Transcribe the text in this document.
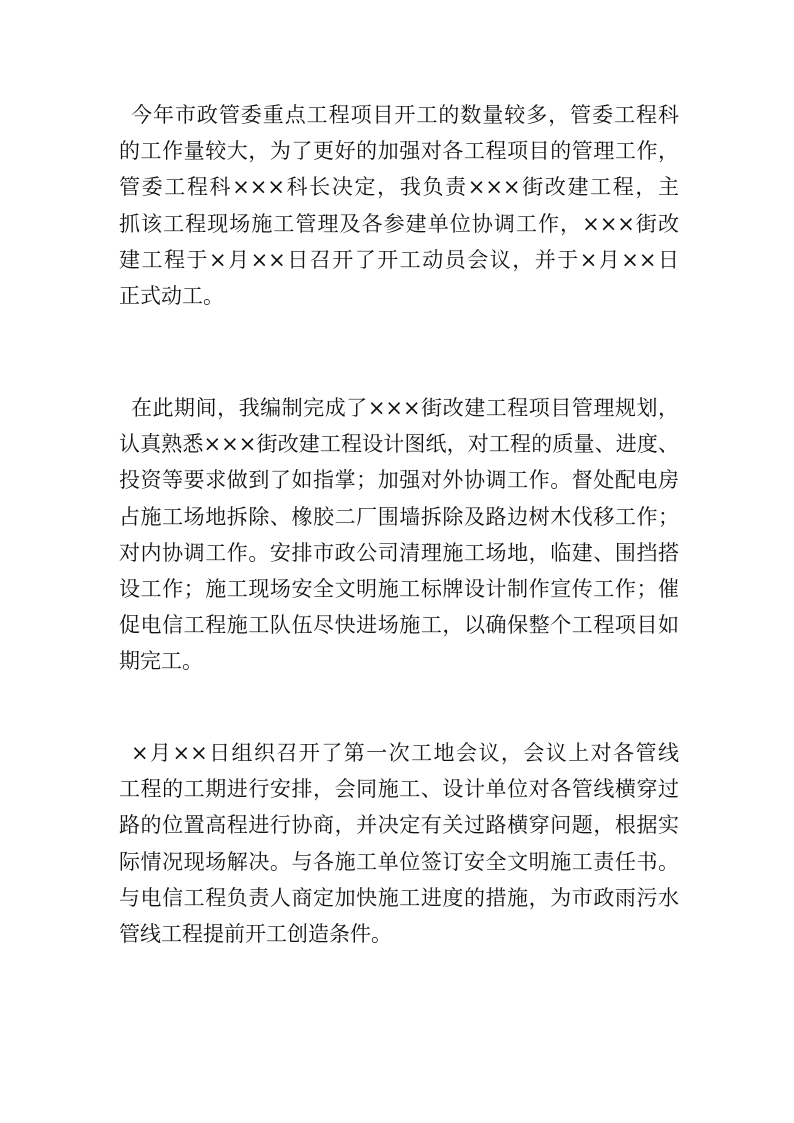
今年市政管委重点工程项目开工的数量较多，管委工程科
的工作量较大，为了更好的加强对各工程项目的管理工作，
管委工程科×××科长决定，我负责×××街改建工程，主
抓该工程现场施工管理及各参建单位协调工作，×××街改
建工程于×月××日召开了开工动员会议，并于×月××日
正式动工。
在此期间，我编制完成了×××街改建工程项目管理规划，
认真熟悉×××街改建工程设计图纸，对工程的质量、进度、
投资等要求做到了如指掌；加强对外协调工作。督处配电房
占施工场地拆除、橡胶二厂围墙拆除及路边树木伐移工作；
对内协调工作。安排市政公司清理施工场地，临建、围挡搭
设工作；施工现场安全文明施工标牌设计制作宣传工作；催
促电信工程施工队伍尽快进场施工，以确保整个工程项目如
期完工。
×月××日组织召开了第一次工地会议，会议上对各管线
工程的工期进行安排，会同施工、设计单位对各管线横穿过
路的位置高程进行协商，并决定有关过路横穿问题，根据实
际情况现场解决。与各施工单位签订安全文明施工责任书。
与电信工程负责人商定加快施工进度的措施，为市政雨污水
管线工程提前开工创造条件。
